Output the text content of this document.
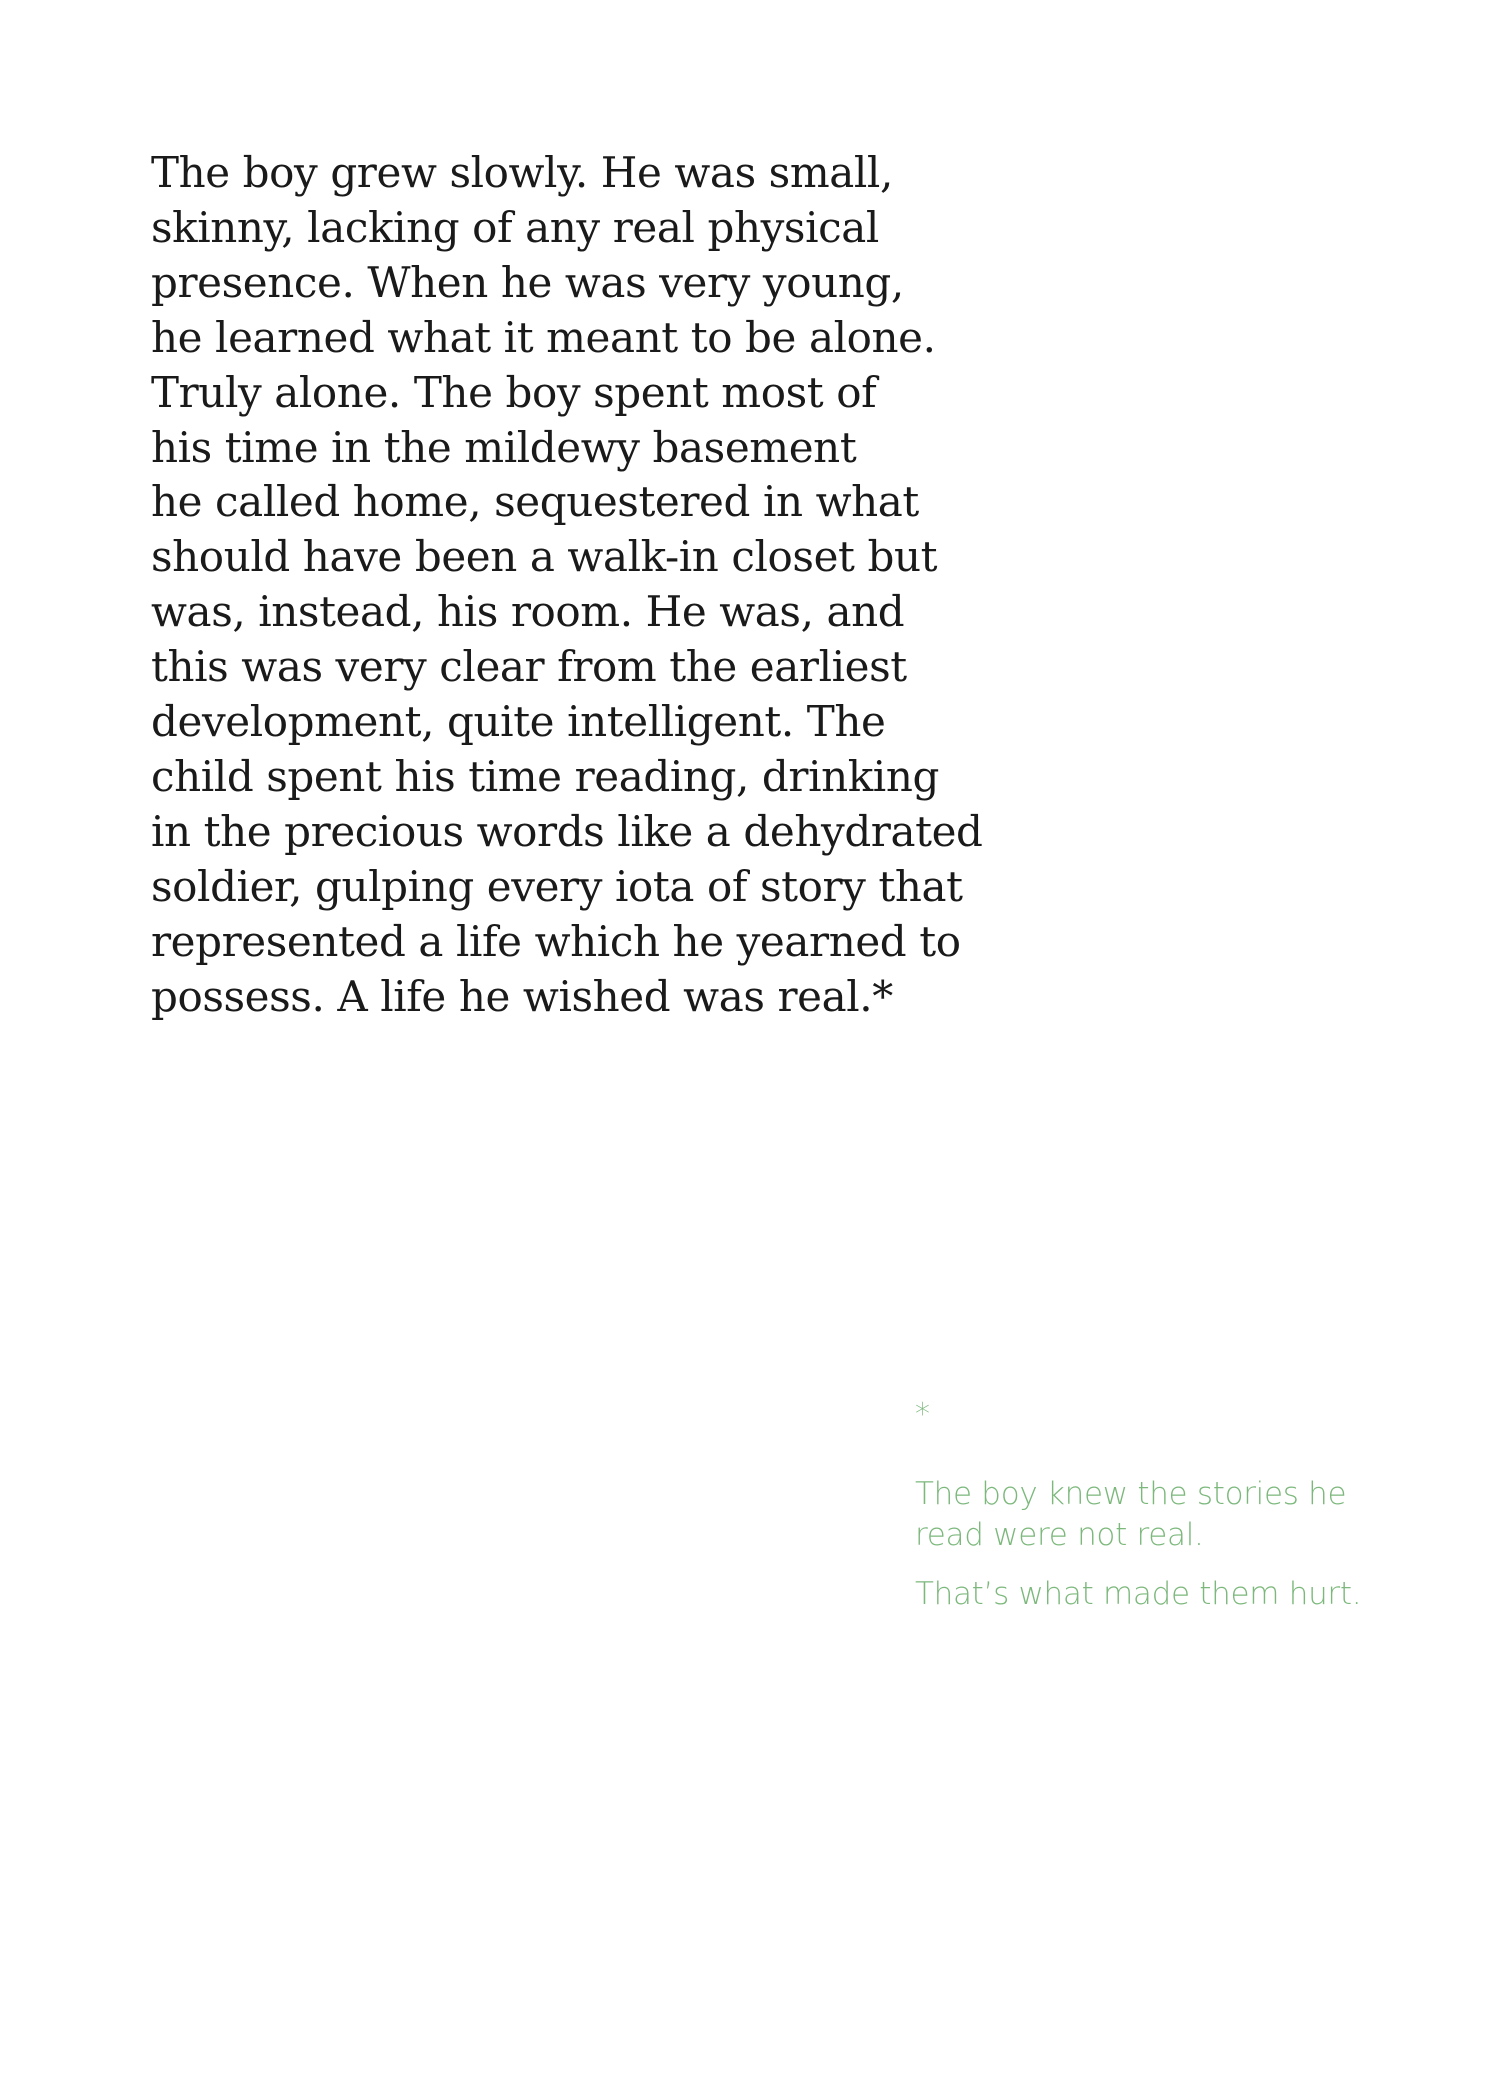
The boy grew slowly. He was small,
skinny, lacking of any real physical
presence. When he was very young,
he learned what it meant to be alone.
Truly alone. The boy spent most of
his time in the mildewy basement
he called home, sequestered in what
should have been a walk-in closet but
was, instead, his room. He was, and
this was very clear from the earliest
development, quite intelligent. The
child spent his time reading, drinking
in the precious words like a dehydrated
soldier, gulping every iota of story that
represented a life which he yearned to
possess. A life he wished was real.*

*

The boy knew the stories he
read were not real.

That’s what made them hurt.
